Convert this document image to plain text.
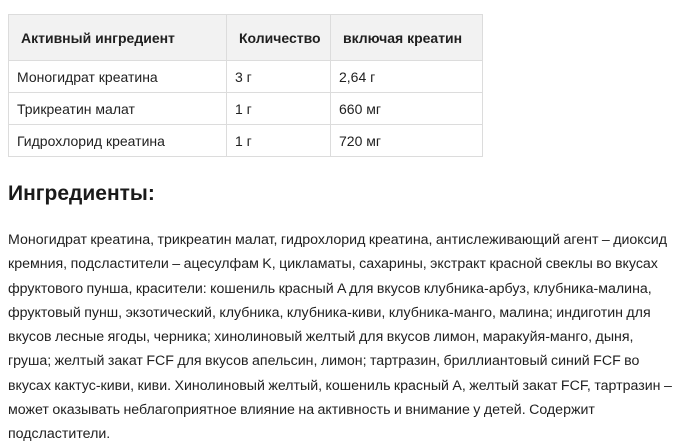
Активный ингредиент	Количество	включая креатин
Моногидрат креатина	3 г	2,64 г
Трикреатин малат	1 г	660 мг
Гидрохлорид креатина	1 г	720 мг
Ингредиенты:

Моногидрат креатина, трикреатин малат, гидрохлорид креатина, антислеживающий агент – диоксид кремния, подсластители – ацесулфам K, цикламаты, сахарины, экстракт красной свеклы во вкусах фруктового пунша, красители: кошениль красный A для вкусов клубника-арбуз, клубника-малина, фруктовый пунш, экзотический, клубника, клубника-киви, клубника-манго, малина; индиготин для вкусов лесные ягоды, черника; хинолиновый желтый для вкусов лимон, маракуйя-манго, дыня, груша; желтый закат FCF для вкусов апельсин, лимон; тартразин, бриллиантовый синий FCF во вкусах кактус-киви, киви. Хинолиновый желтый, кошениль красный A, желтый закат FCF, тартразин – может оказывать неблагоприятное влияние на активность и внимание у детей. Содержит подсластители.
